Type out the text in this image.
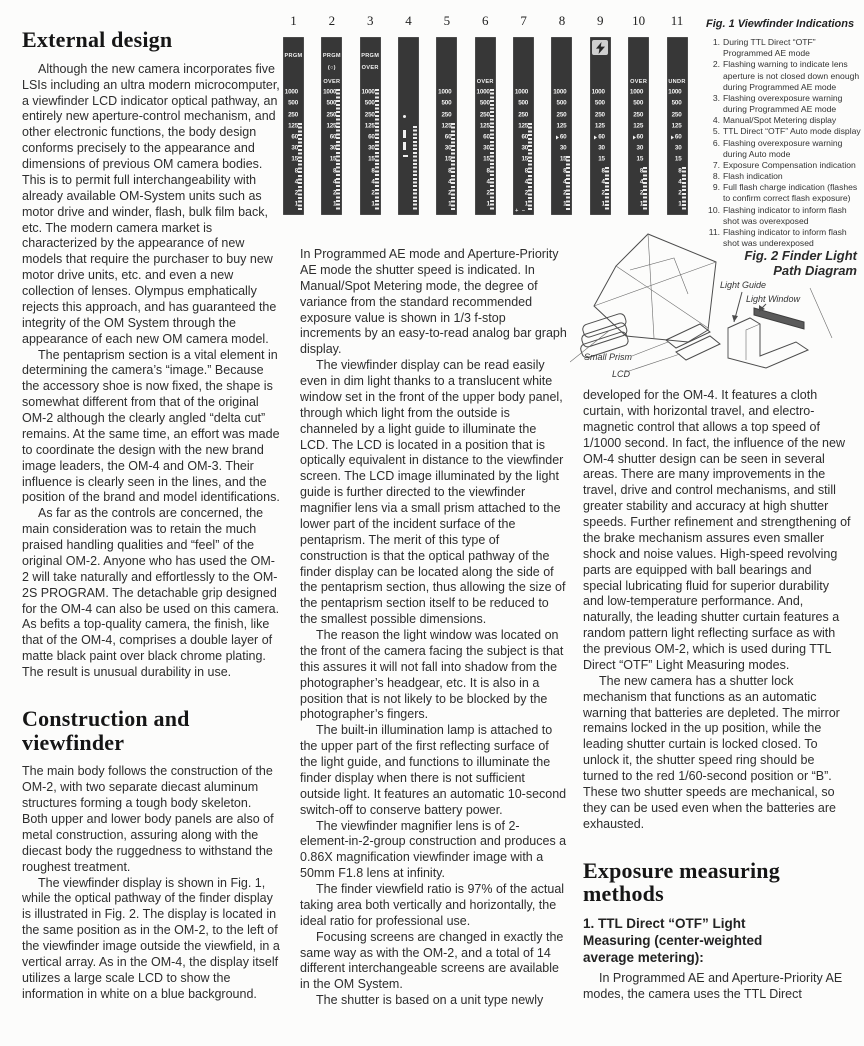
1
PRGM
1000
500
250
125
60
30
15
8
4
2
1
2
PRGM
(○)
OVER
1000
500
250
125
60
30
15
8
4
2
1
3
PRGM
OVER
1000
500
250
125
60
30
15
8
4
2
1
4	5
1000
500
250
125
60
30
15
8
4
2
1
6
OVER
1000
500
250
125
60
30
15
8
4
2
1
7
1000
500
250
125
60
30
15
8
4
2
1
+ –
8
1000
500
250
125
60
30
15
8
4
2
1
9
1000
500
250
125
60
30
15
8
4
2
1
10
OVER
1000
500
250
125
60
30
15
8
4
2
1
11
UNDR
1000
500
250
125
60
30
15
8
4
2
1
Fig. 1 Viewfinder Indications
1. During TTL Direct “OTF” Programmed AE mode
2. Flashing warning to indicate lens aperture is not closed down enough during Programmed AE mode
3. Flashing overexposure warning during Programmed AE mode
4. Manual/Spot Metering display
5. TTL Direct “OTF” Auto mode display
6. Flashing overexposure warning during Auto mode
7. Exposure Compensation indication
8. Flash indication
9. Full flash charge indication (flashes to confirm correct flash exposure)
10. Flashing indicator to inform flash shot was overexposed
11. Flashing indicator to inform flash shot was underexposed
Fig. 2 Finder Light
Path Diagram
Light Guide
Light Window
Small Prism
LCD
External design

Although the new camera incorporates five LSIs including an ultra modern microcomputer, a viewfinder LCD indicator optical pathway, an entirely new aperture-control mechanism, and other electronic functions, the body design conforms precisely to the appearance and dimensions of previous OM camera bodies. This is to permit full interchangeability with already available OM-System units such as motor drive and winder, flash, bulk film back, etc. The modern camera market is characterized by the appearance of new models that require the purchaser to buy new motor drive units, etc. and even a new collection of lenses. Olympus emphatically rejects this approach, and has guaranteed the integrity of the OM System through the appearance of each new OM camera model.

The pentaprism section is a vital element in determining the camera’s “image.” Because the accessory shoe is now fixed, the shape is somewhat different from that of the original OM-2 although the clearly angled “delta cut” remains. At the same time, an effort was made to coordinate the design with the new brand image leaders, the OM-4 and OM-3. Their influence is clearly seen in the lines, and the position of the brand and model identifications.

As far as the controls are concerned, the main consideration was to retain the much praised handling qualities and “feel” of the original OM-2. Anyone who has used the OM-2 will take naturally and effortlessly to the OM-2S PROGRAM. The detachable grip designed for the OM-4 can also be used on this camera. As befits a top-quality camera, the finish, like that of the OM-4, comprises a double layer of matte black paint over black chrome plating. The result is unusual durability in use.

Construction and viewfinder

The main body follows the construction of the OM-2, with two separate diecast aluminum structures forming a tough body skeleton. Both upper and lower body panels are also of metal construction, assuring along with the diecast body the ruggedness to withstand the roughest treatment.

The viewfinder display is shown in Fig. 1, while the optical pathway of the finder display is illustrated in Fig. 2. The display is located in the same position as in the OM-2, to the left of the viewfinder image outside the viewfield, in a vertical array. As in the OM-4, the display itself utilizes a large scale LCD to show the information in white on a blue background.

In Programmed AE mode and Aperture-Priority AE mode the shutter speed is indicated. In Manual/Spot Metering mode, the degree of variance from the standard recommended exposure value is shown in 1/3 f-stop increments by an easy-to-read analog bar graph display.

The viewfinder display can be read easily even in dim light thanks to a translucent white window set in the front of the upper body panel, through which light from the outside is channeled by a light guide to illuminate the LCD. The LCD is located in a position that is optically equivalent in distance to the viewfinder screen. The LCD image illuminated by the light guide is further directed to the viewfinder magnifier lens via a small prism attached to the lower part of the incident surface of the pentaprism. The merit of this type of construction is that the optical pathway of the finder display can be located along the side of the pentaprism section, thus allowing the size of the pentaprism section itself to be reduced to the smallest possible dimensions.

The reason the light window was located on the front of the camera facing the subject is that this assures it will not fall into shadow from the photographer’s headgear, etc. It is also in a position that is not likely to be blocked by the photographer’s fingers.

The built-in illumination lamp is attached to the upper part of the first reflecting surface of the light guide, and functions to illuminate the finder display when there is not sufficient outside light. It features an automatic 10-second switch-off to conserve battery power.

The viewfinder magnifier lens is of 2-element-in-2-group construction and produces a 0.86X magnification viewfinder image with a 50mm F1.8 lens at infinity.

The finder viewfield ratio is 97% of the actual taking area both vertically and horizontally, the ideal ratio for professional use.

Focusing screens are changed in exactly the same way as with the OM-2, and a total of 14 different interchangeable screens are available in the OM System.

The shutter is based on a unit type newly

developed for the OM-4. It features a cloth curtain, with horizontal travel, and electro-magnetic control that allows a top speed of 1/1000 second. In fact, the influence of the new OM-4 shutter design can be seen in several areas. There are many improvements in the travel, drive and control mechanisms, and still greater stability and accuracy at high shutter speeds. Further refinement and strengthening of the brake mechanism assures even smaller shock and noise values. High-speed revolving parts are equipped with ball bearings and special lubricating fluid for superior durability and low-temperature performance. And, naturally, the leading shutter curtain features a random pattern light reflecting surface as with the previous OM-2, which is used during TTL Direct “OTF” Light Measuring modes.

The new camera has a shutter lock mechanism that functions as an automatic warning that batteries are depleted. The mirror remains locked in the up position, while the leading shutter curtain is locked closed. To unlock it, the shutter speed ring should be turned to the red 1/60-second position or “B”. These two shutter speeds are mechanical, so they can be used even when the batteries are exhausted.

Exposure measuring methods
1. TTL Direct “OTF” Light Measuring (center-weighted average metering):

In Programmed AE and Aperture-Priority AE modes, the camera uses the TTL Direct
